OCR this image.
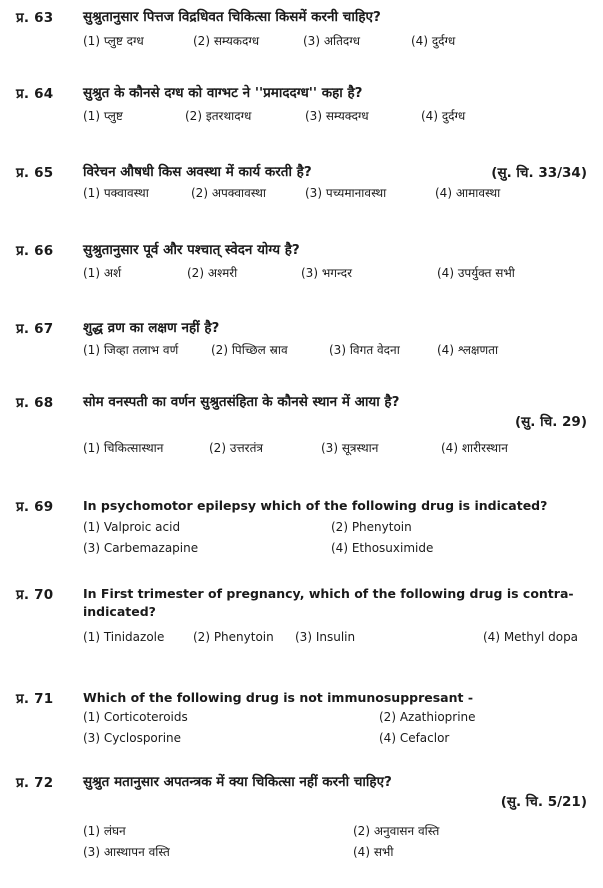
प्र. 63 सुश्रुतानुसार पित्तज विद्रधिवत चिकित्सा किसमें करनी चाहिए?
(1) प्लुष्ट दग्ध	(2) सम्यकदग्ध	(3) अतिदग्ध	(4) दुर्दग्ध
प्र. 64 सुश्रुत के कौनसे दग्ध को वाग्भट ने ''प्रमाददग्ध'' कहा है?
(1) प्लुष्ट	(2) इतरथादग्ध	(3) सम्यक्दग्ध	(4) दुर्दग्ध
प्र. 65 विरेचन औषधी किस अवस्था में कार्य करती है?	(सु. चि. 33/34)
(1) पक्वावस्था	(2) अपक्वावस्था	(3) पच्यमानावस्था	(4) आमावस्था
प्र. 66 सुश्रुतानुसार पूर्व और पश्चात् स्वेदन योग्य है?
(1) अर्श	(2) अश्मरी	(3) भगन्दर	(4) उपर्युक्त सभी
प्र. 67 शुद्ध व्रण का लक्षण नहीं है?
(1) जिव्हा तलाभ वर्ण	(2) पिच्छिल स्राव	(3) विगत वेदना	(4) श्लक्षणता
प्र. 68 सोम वनस्पती का वर्णन सुश्रुतसंहिता के कौनसे स्थान में आया है?
(सु. चि. 29)
(1) चिकित्सास्थान	(2) उत्तरतंत्र	(3) सूत्रस्थान	(4) शारीरस्थान
प्र. 69 In psychomotor epilepsy which of the following drug is indicated?
(1) Valproic acid	(2) Phenytoin
(3) Carbemazapine	(4) Ethosuximide
प्र. 70 In First trimester of pregnancy, which of the following drug is contra-indicated?
(1) Tinidazole (2) Phenytoin (3) Insulin	(4) Methyl dopa
प्र. 71 Which of the following drug is not immunosuppresant -
(1) Corticoteroids	(2) Azathioprine
(3) Cyclosporine	(4) Cefaclor
प्र. 72 सुश्रुत मतानुसार अपतन्त्रक में क्या चिकित्सा नहीं करनी चाहिए?
(सु. चि. 5/21)
(1) लंघन	(2) अनुवासन वस्ति
(3) आस्थापन वस्ति	(4) सभी
